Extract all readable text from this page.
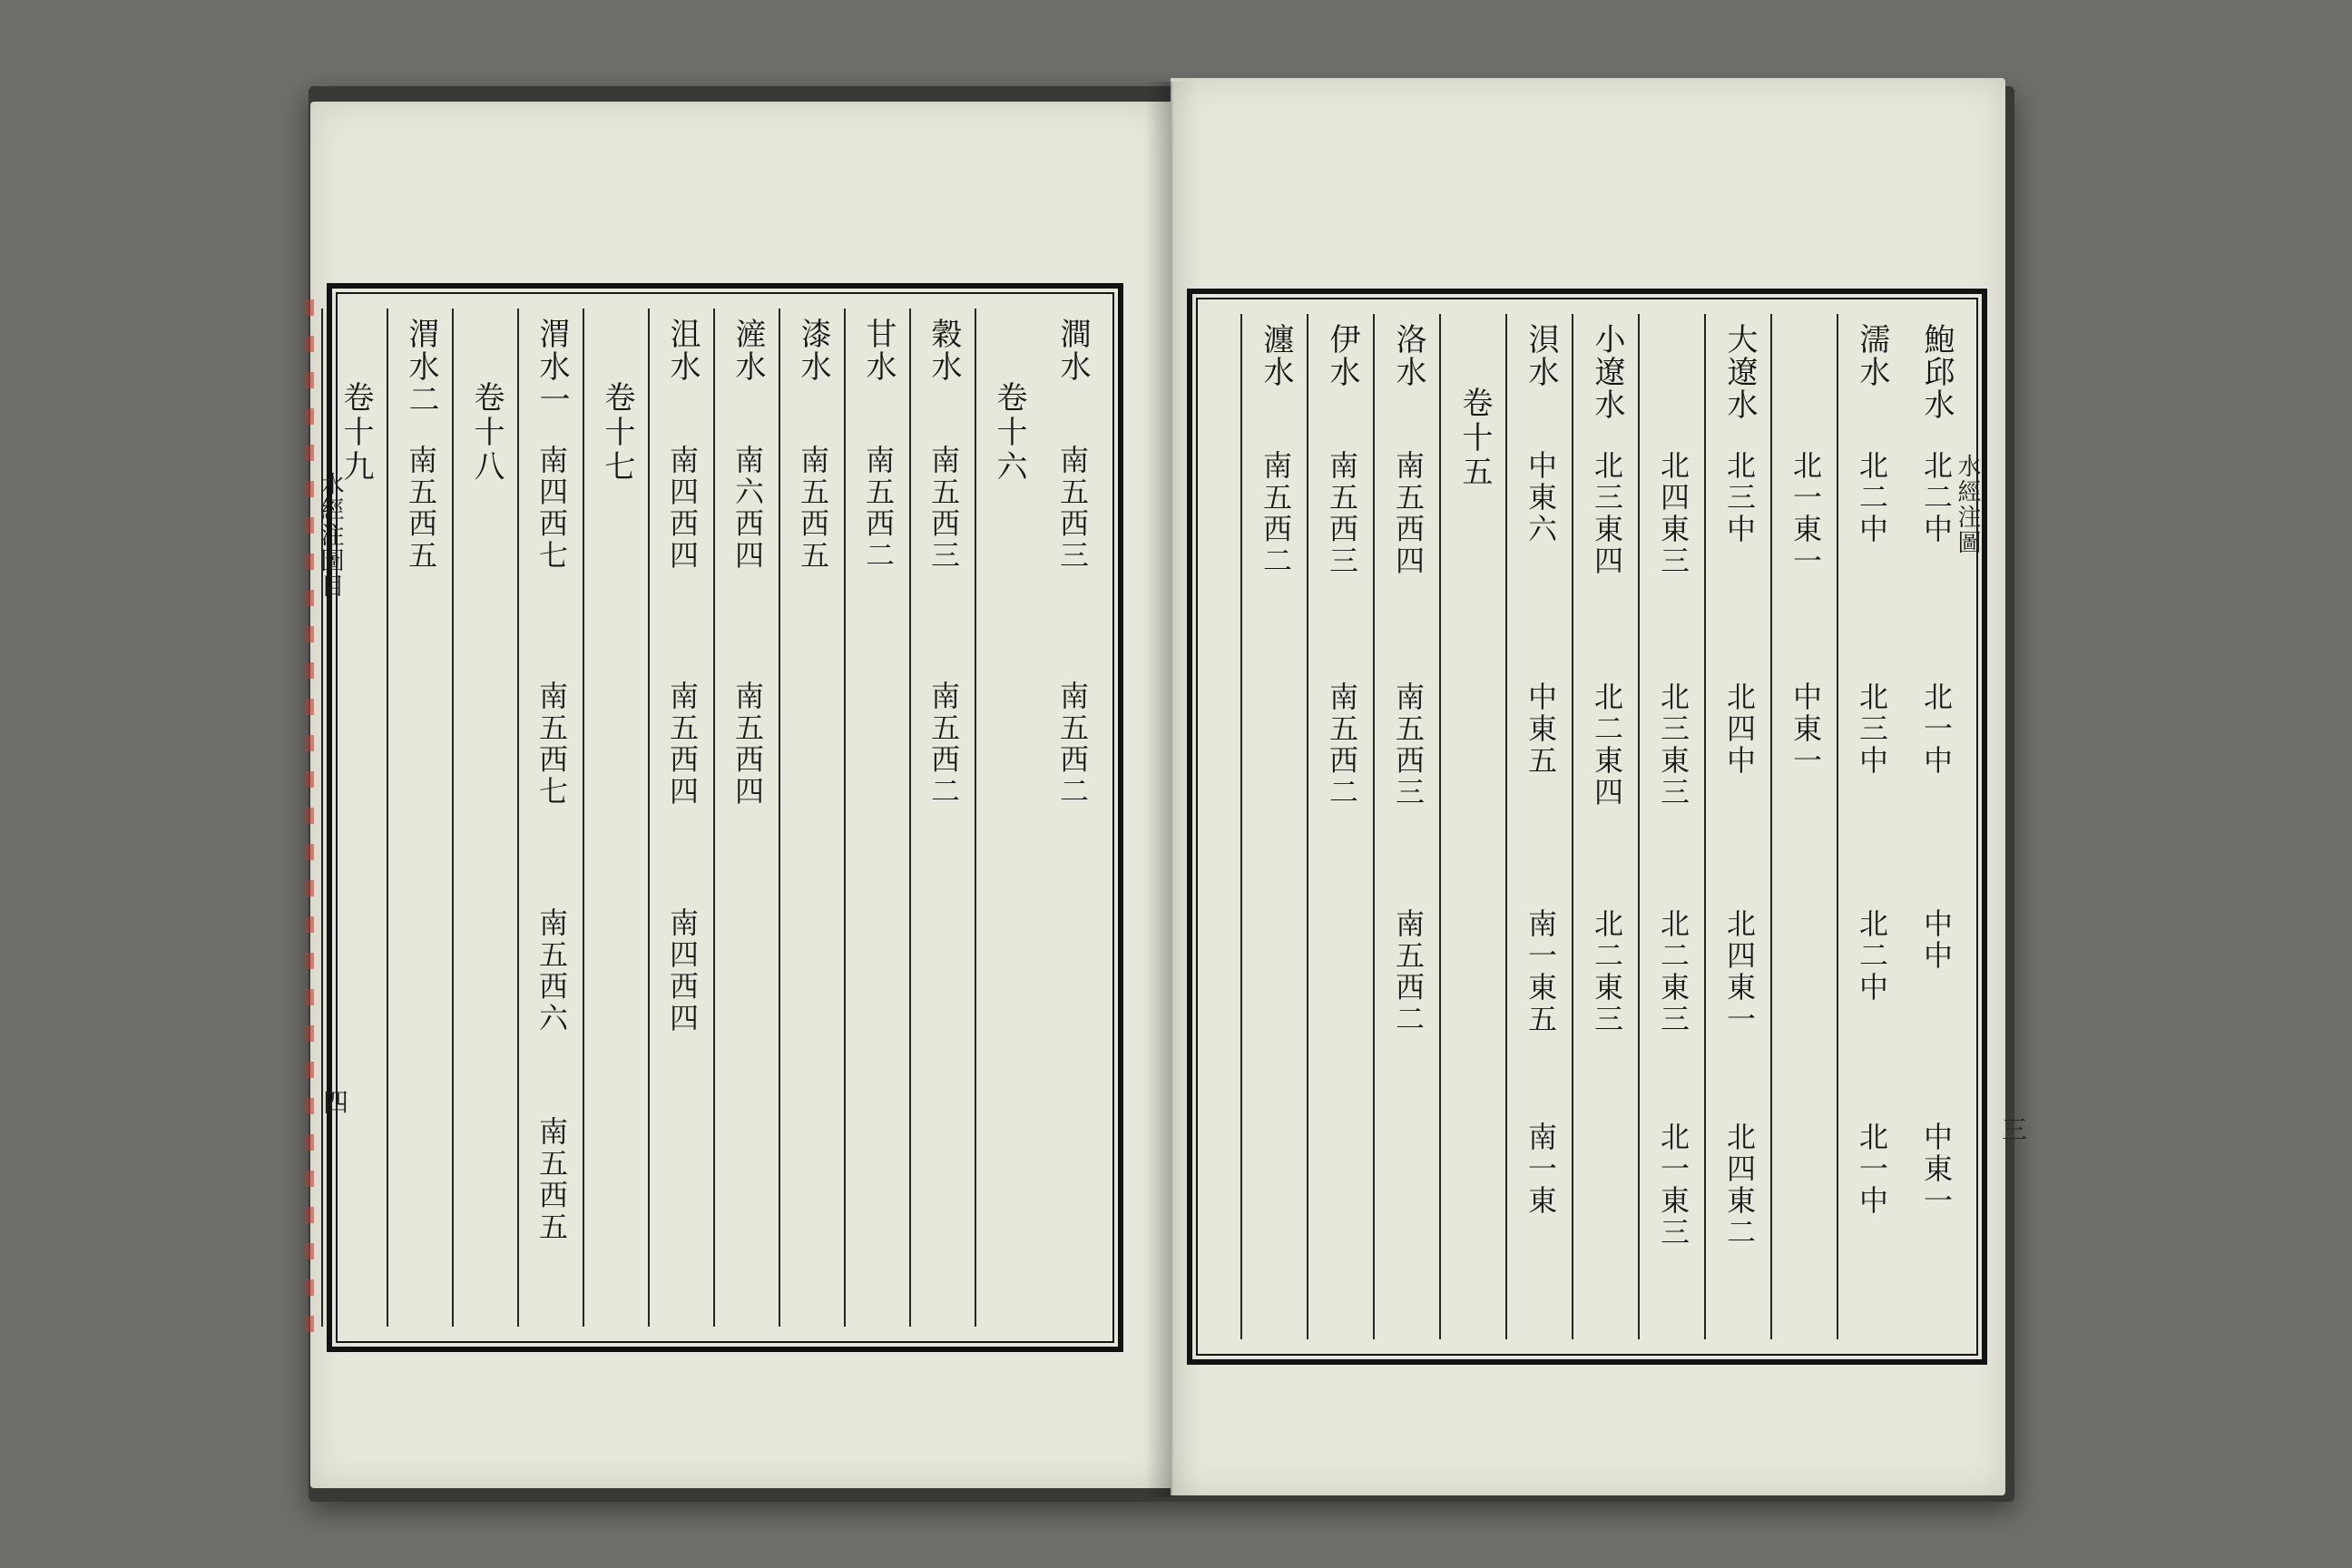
鮑邱水
北二中
北一中
中中
中東一
濡水
北二中
北三中
北二中
北一中
北一東一
中東一
大遼水
北三中
北四中
北四東一
北四東二
北四東三
北三東三
北二東三
北一東三
小遼水
北三東四
北二東四
北二東三
浿水
中東六
中東五
南一東五
南一東
卷十五
洛水
南五西四
南五西三
南五西二
伊水
南五西三
南五西二
瀍水
南五西二	水經注圖
三
澗水
南五西三
南五西二
卷十六
穀水
南五西三
南五西二
甘水
南五西二
漆水
南五西五
滻水
南六西四
南五西四
沮水
南四西四
南五西四
南四西四
卷十七
渭水一
南四西七
南五西七
南五西六
南五西五
卷十八
渭水二
南五西五
卷十九
水經注圖目
四
